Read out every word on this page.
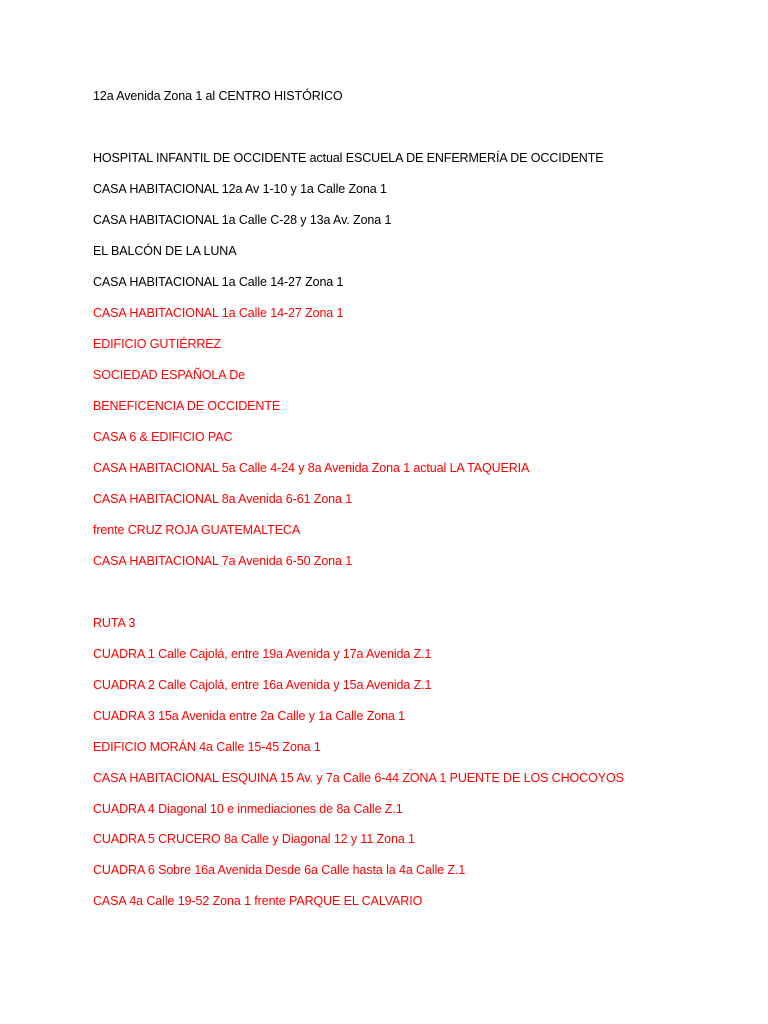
12a Avenida Zona 1 al CENTRO HISTÓRICO
HOSPITAL INFANTIL DE OCCIDENTE actual ESCUELA DE ENFERMERÍA DE OCCIDENTE
CASA HABITACIONAL 12a Av 1-10 y 1a Calle Zona 1
CASA HABITACIONAL 1a Calle C-28 y 13a Av. Zona 1
EL BALCÓN DE LA LUNA
CASA HABITACIONAL 1a Calle 14-27 Zona 1
CASA HABITACIONAL 1a Calle 14-27 Zona 1
EDIFICIO GUTIÉRREZ
SOCIEDAD ESPAÑOLA De
BENEFICENCIA DE OCCIDENTE
CASA 6 & EDIFICIO PAC
CASA HABITACIONAL 5a Calle 4-24 y 8a Avenida Zona 1 actual LA TAQUERIA
CASA HABITACIONAL 8a Avenida 6-61 Zona 1
frente CRUZ ROJA GUATEMALTECA
CASA HABITACIONAL 7a Avenida 6-50 Zona 1
RUTA 3
CUADRA 1 Calle Cajolá, entre 19a Avenida y 17a Avenida Z.1
CUADRA 2 Calle Cajolá, entre 16a Avenida y 15a Avenida Z.1
CUADRA 3 15a Avenida entre 2a Calle y 1a Calle Zona 1
EDIFICIO MORÁN 4a Calle 15-45 Zona 1
CASA HABITACIONAL ESQUINA 15 Av. y 7a Calle 6-44 ZONA 1 PUENTE DE LOS CHOCOYOS
CUADRA 4 Diagonal 10 e inmediaciones de 8a Calle Z.1
CUADRA 5 CRUCERO 8a Calle y Diagonal 12 y 11 Zona 1
CUADRA 6 Sobre 16a Avenida Desde 6a Calle hasta la 4a Calle Z.1
CASA 4a Calle 19-52 Zona 1 frente PARQUE EL CALVARIO
